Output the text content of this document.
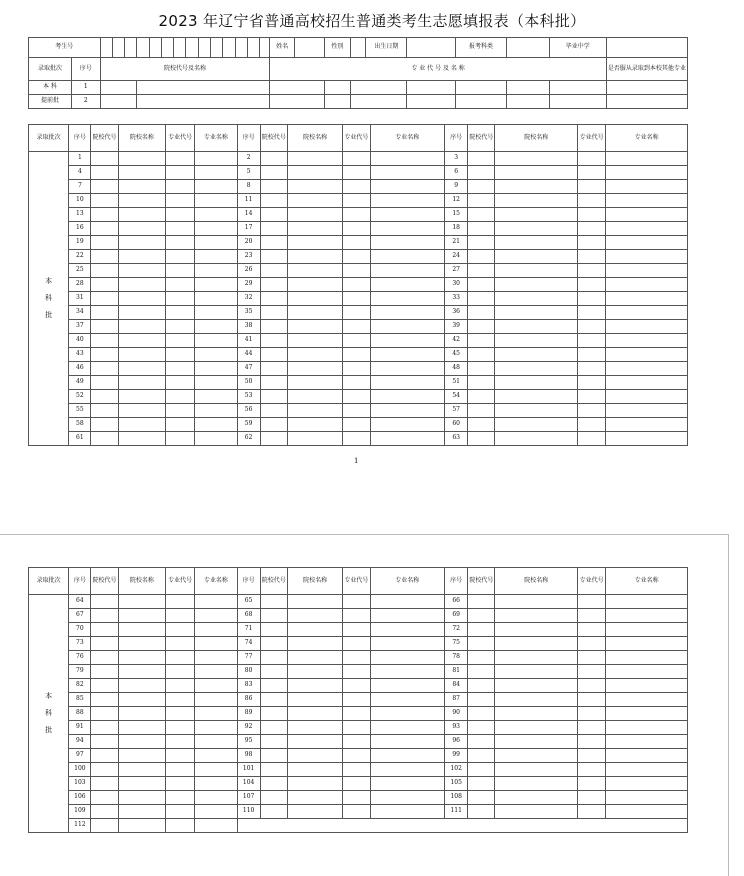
2023 年辽宁省普通高校招生普通类考生志愿填报表（本科批）
考生号																姓名		性别		出生日期		报考科类		毕业中学	
录取批次	序号	院校代号及名称														专 业 代 号 及 名 称									是否服从录取到本校其他专业
本 科	1																								
提前批	2																								
录取批次	序号	院校代号	院校名称	专业代号	专业名称	序号	院校代号	院校名称	专业代号	专业名称	序号	院校代号	院校名称	专业代号	专业名称
本
科
批	1					2					3				
	4					5					6				
	7					8					9				
	10					11					12				
	13					14					15				
	16					17					18				
	19					20					21				
	22					23					24				
	25					26					27				
	28					29					30				
	31					32					33				
	34					35					36				
	37					38					39				
	40					41					42				
	43					44					45				
	46					47					48				
	49					50					51				
	52					53					54				
	55					56					57				
	58					59					60				
	61					62					63				
1
录取批次	序号	院校代号	院校名称	专业代号	专业名称	序号	院校代号	院校名称	专业代号	专业名称	序号	院校代号	院校名称	专业代号	专业名称
本
科
批	64					65					66				
	67					68					69				
	70					71					72				
	73					74					75				
	76					77					78				
	79					80					81				
	82					83					84				
	85					86					87				
	88					89					90				
	91					92					93				
	94					95					96				
	97					98					99				
	100					101					102				
	103					104					105				
	106					107					108				
	109					110					111				
	112														
